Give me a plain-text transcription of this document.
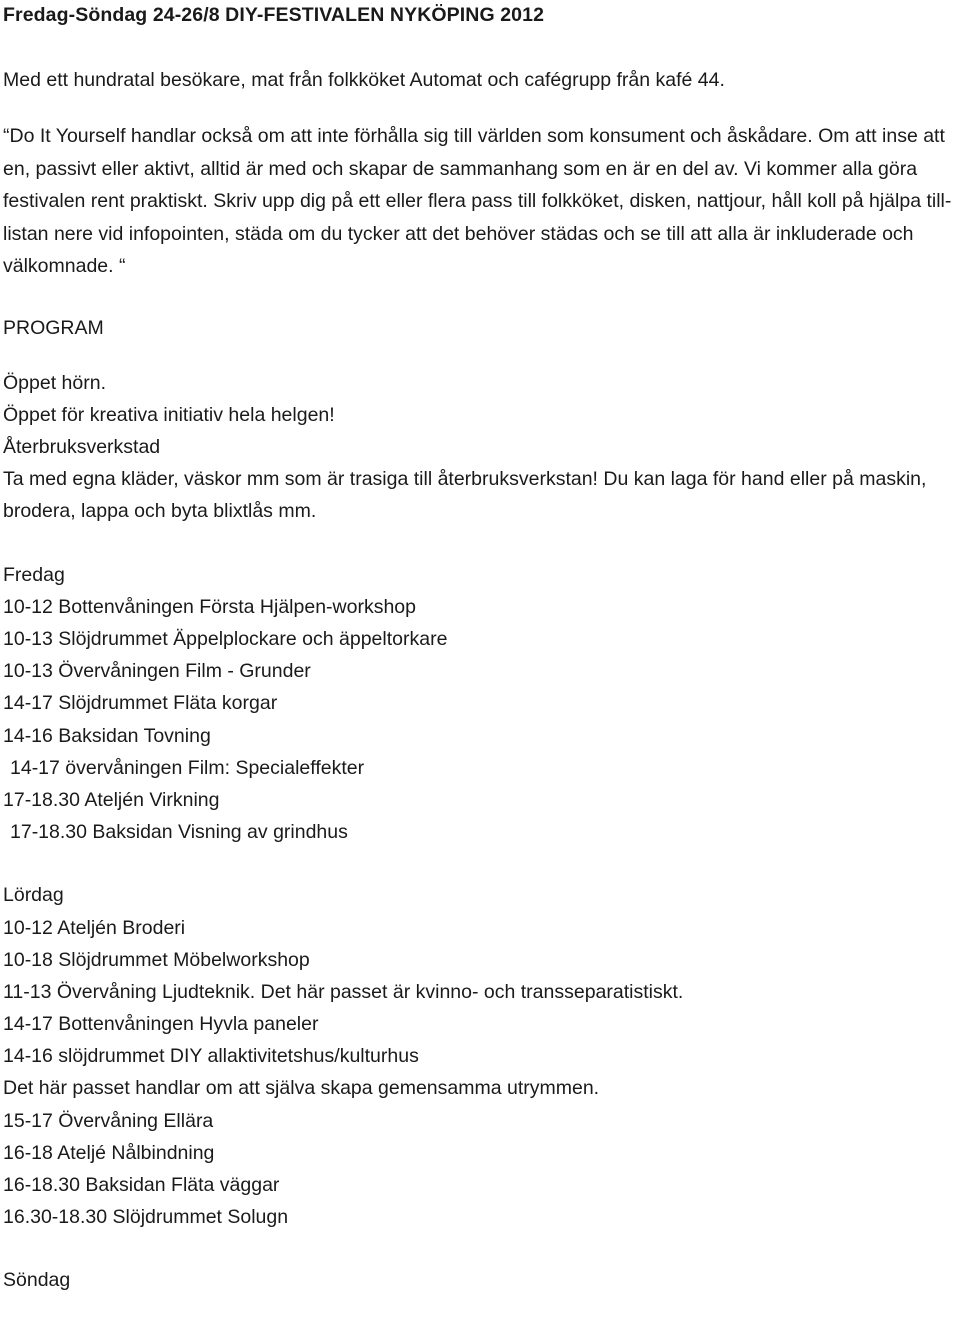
Fredag-Söndag 24-26/8 DIY-FESTIVALEN NYKÖPING 2012
Med ett hundratal besökare, mat från folkköket Automat och cafégrupp från kafé 44.
“Do It Yourself handlar också om att inte förhålla sig till världen som konsument och åskådare. Om att inse att en, passivt eller aktivt, alltid är med och skapar de sammanhang som en är en del av. Vi kommer alla göra festivalen rent praktiskt. Skriv upp dig på ett eller flera pass till folkköket, disken, nattjour, håll koll på hjälpa till-listan nere vid infopointen, städa om du tycker att det behöver städas och se till att alla är inkluderade och välkomnade. “
PROGRAM
Öppet hörn.
Öppet för kreativa initiativ hela helgen!
Återbruksverkstad
Ta med egna kläder, väskor mm som är trasiga till återbruksverkstan! Du kan laga för hand eller på maskin, brodera, lappa och byta blixtlås mm.
Fredag
10-12 Bottenvåningen Första Hjälpen-workshop
10-13 Slöjdrummet Äppelplockare och äppeltorkare
10-13 Övervåningen Film - Grunder
14-17 Slöjdrummet Fläta korgar
14-16 Baksidan Tovning
14-17 övervåningen Film: Specialeffekter
17-18.30 Ateljén Virkning
17-18.30 Baksidan Visning av grindhus
Lördag
10-12 Ateljén Broderi
10-18 Slöjdrummet Möbelworkshop
11-13 Övervåning Ljudteknik. Det här passet är kvinno- och transseparatistiskt.
14-17 Bottenvåningen Hyvla paneler
14-16 slöjdrummet DIY allaktivitetshus/kulturhus
Det här passet handlar om att själva skapa gemensamma utrymmen.
15-17 Övervåning Ellära
16-18 Ateljé Nålbindning
16-18.30 Baksidan Fläta väggar
16.30-18.30 Slöjdrummet Solugn
Söndag
